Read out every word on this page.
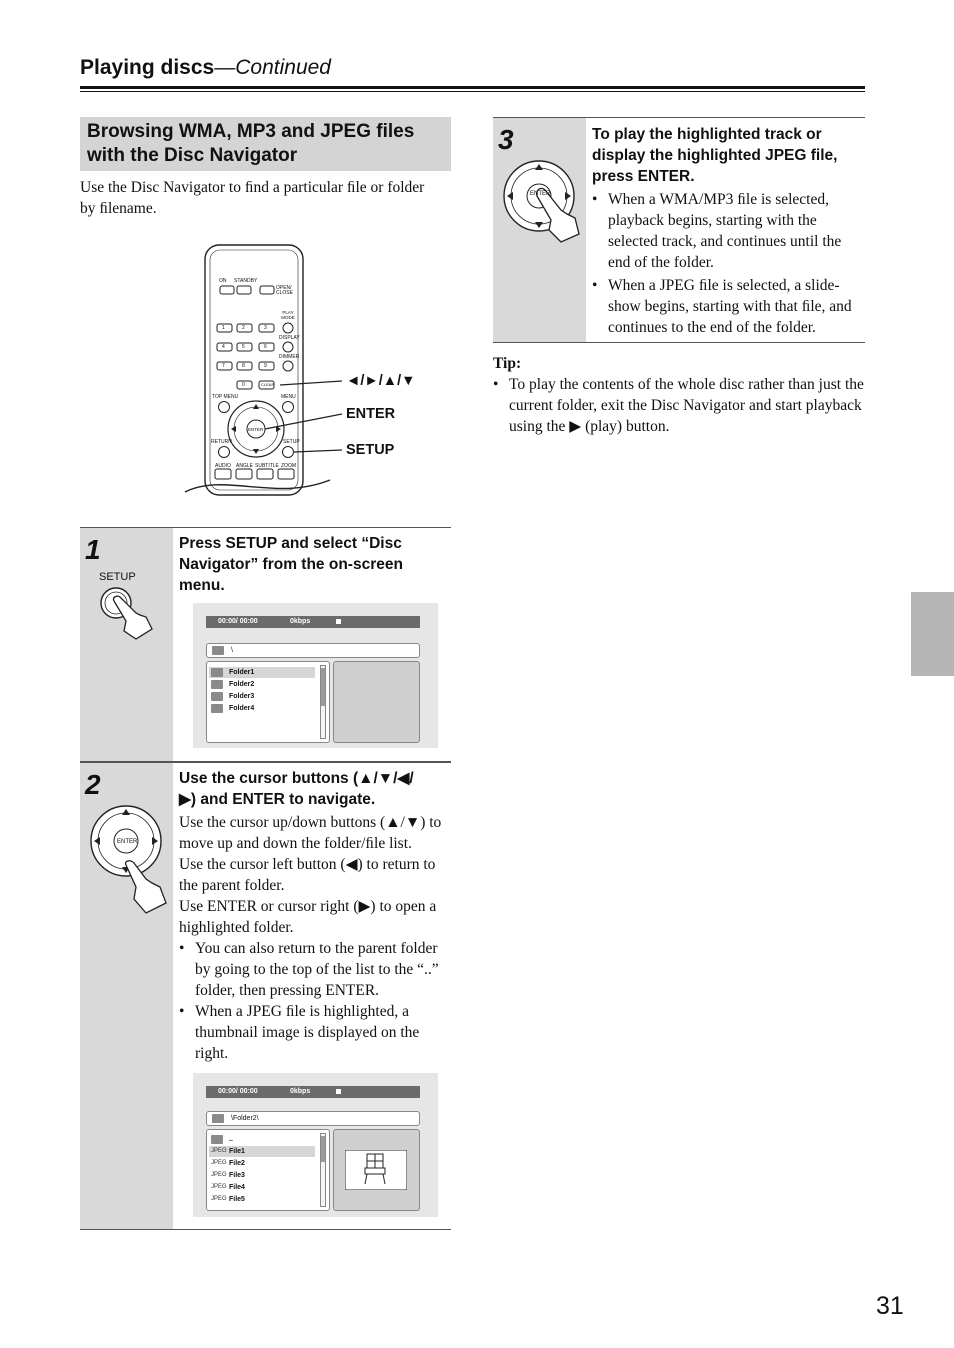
Playing discs—Continued
Browsing WMA, MP3 and JPEG files
with the Disc Navigator
Use the Disc Navigator to ﬁnd a particular ﬁle or folder
by ﬁlename.
ON STANDBY
OPEN/ CLOSE
PLAY MODE
DISPLAY
DIMMER
TOP MENU	MENU
RETURN	SETUP
ENTER
AUDIO ANGLE SUBTITLE ZOOM
CLEAR
1	2	3
4	5	6
7	8	9
0	◄/►/▲/▼
ENTER
SETUP
1
SETUP
Press SETUP and select “Disc
Navigator” from the on-screen
menu.
00:00/ 00:00	0kbps
\
Folder1
Folder2
Folder3
Folder4
2
ENTER
Use the cursor buttons (▲/▼/◀/
▶) and ENTER to navigate.

Use the cursor up/down buttons (▲/▼) to move up and down the folder/ﬁle list.

Use the cursor left button (◀) to return to the parent folder.

Use ENTER or cursor right (▶) to open a highlighted folder.

• You can also return to the parent folder by going to the top of the list to the “..” folder, then pressing ENTER.

• When a JPEG ﬁle is highlighted, a thumbnail image is displayed on the right.

00:00/ 00:00	0kbps
\Folder2\
..
JPEG File1
JPEG File2
JPEG File3
JPEG File4
JPEG File5
3
ENTER
To play the highlighted track or
display the highlighted JPEG ﬁle,
press ENTER.

• When a WMA/MP3 ﬁle is selected, playback begins, starting with the selected track, and continues until the end of the folder.

• When a JPEG ﬁle is selected, a slide-show begins, starting with that ﬁle, and continues to the end of the folder.

Tip:

• To play the contents of the whole disc rather than just the current folder, exit the Disc Navigator and start playback using the ▶ (play) button.

31
